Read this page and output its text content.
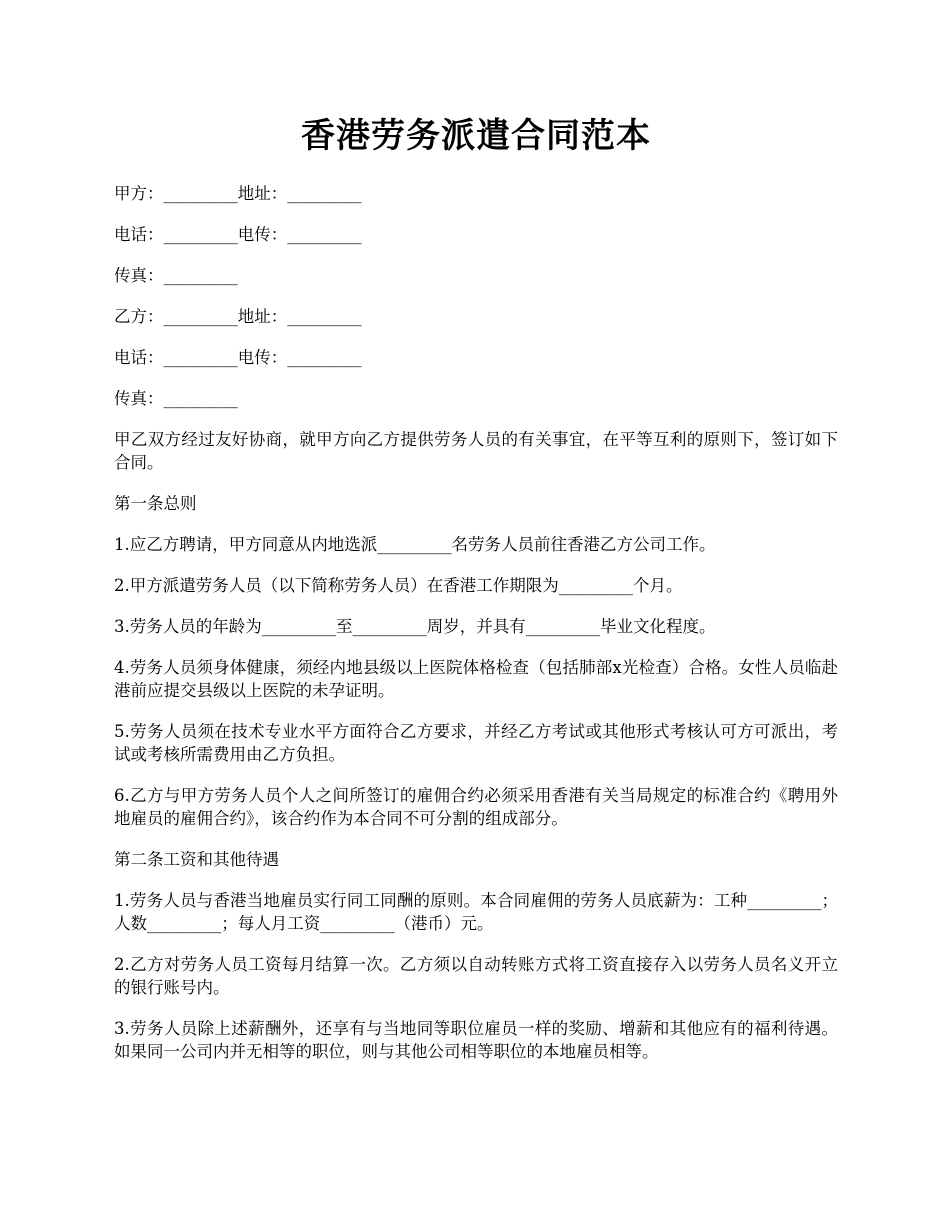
香港劳务派遣合同范本

甲方：_________地址：_________

电话：_________电传：_________

传真：_________

乙方：_________地址：_________

电话：_________电传：_________

传真：_________

甲乙双方经过友好协商，就甲方向乙方提供劳务人员的有关事宜，在平等互利的原则下，签订如下合同。

第一条总则

1.应乙方聘请，甲方同意从内地选派_________名劳务人员前往香港乙方公司工作。

2.甲方派遣劳务人员（以下简称劳务人员）在香港工作期限为_________个月。

3.劳务人员的年龄为_________至_________周岁，并具有_________毕业文化程度。

4.劳务人员须身体健康，须经内地县级以上医院体格检查（包括肺部x光检查）合格。女性人员临赴港前应提交县级以上医院的未孕证明。

5.劳务人员须在技术专业水平方面符合乙方要求，并经乙方考试或其他形式考核认可方可派出，考试或考核所需费用由乙方负担。

6.乙方与甲方劳务人员个人之间所签订的雇佣合约必须采用香港有关当局规定的标准合约《聘用外地雇员的雇佣合约》，该合约作为本合同不可分割的组成部分。

第二条工资和其他待遇

1.劳务人员与香港当地雇员实行同工同酬的原则。本合同雇佣的劳务人员底薪为：工种_________；人数_________；每人月工资_________（港币）元。

2.乙方对劳务人员工资每月结算一次。乙方须以自动转账方式将工资直接存入以劳务人员名义开立的银行账号内。

3.劳务人员除上述薪酬外，还享有与当地同等职位雇员一样的奖励、增薪和其他应有的福利待遇。如果同一公司内并无相等的职位，则与其他公司相等职位的本地雇员相等。
